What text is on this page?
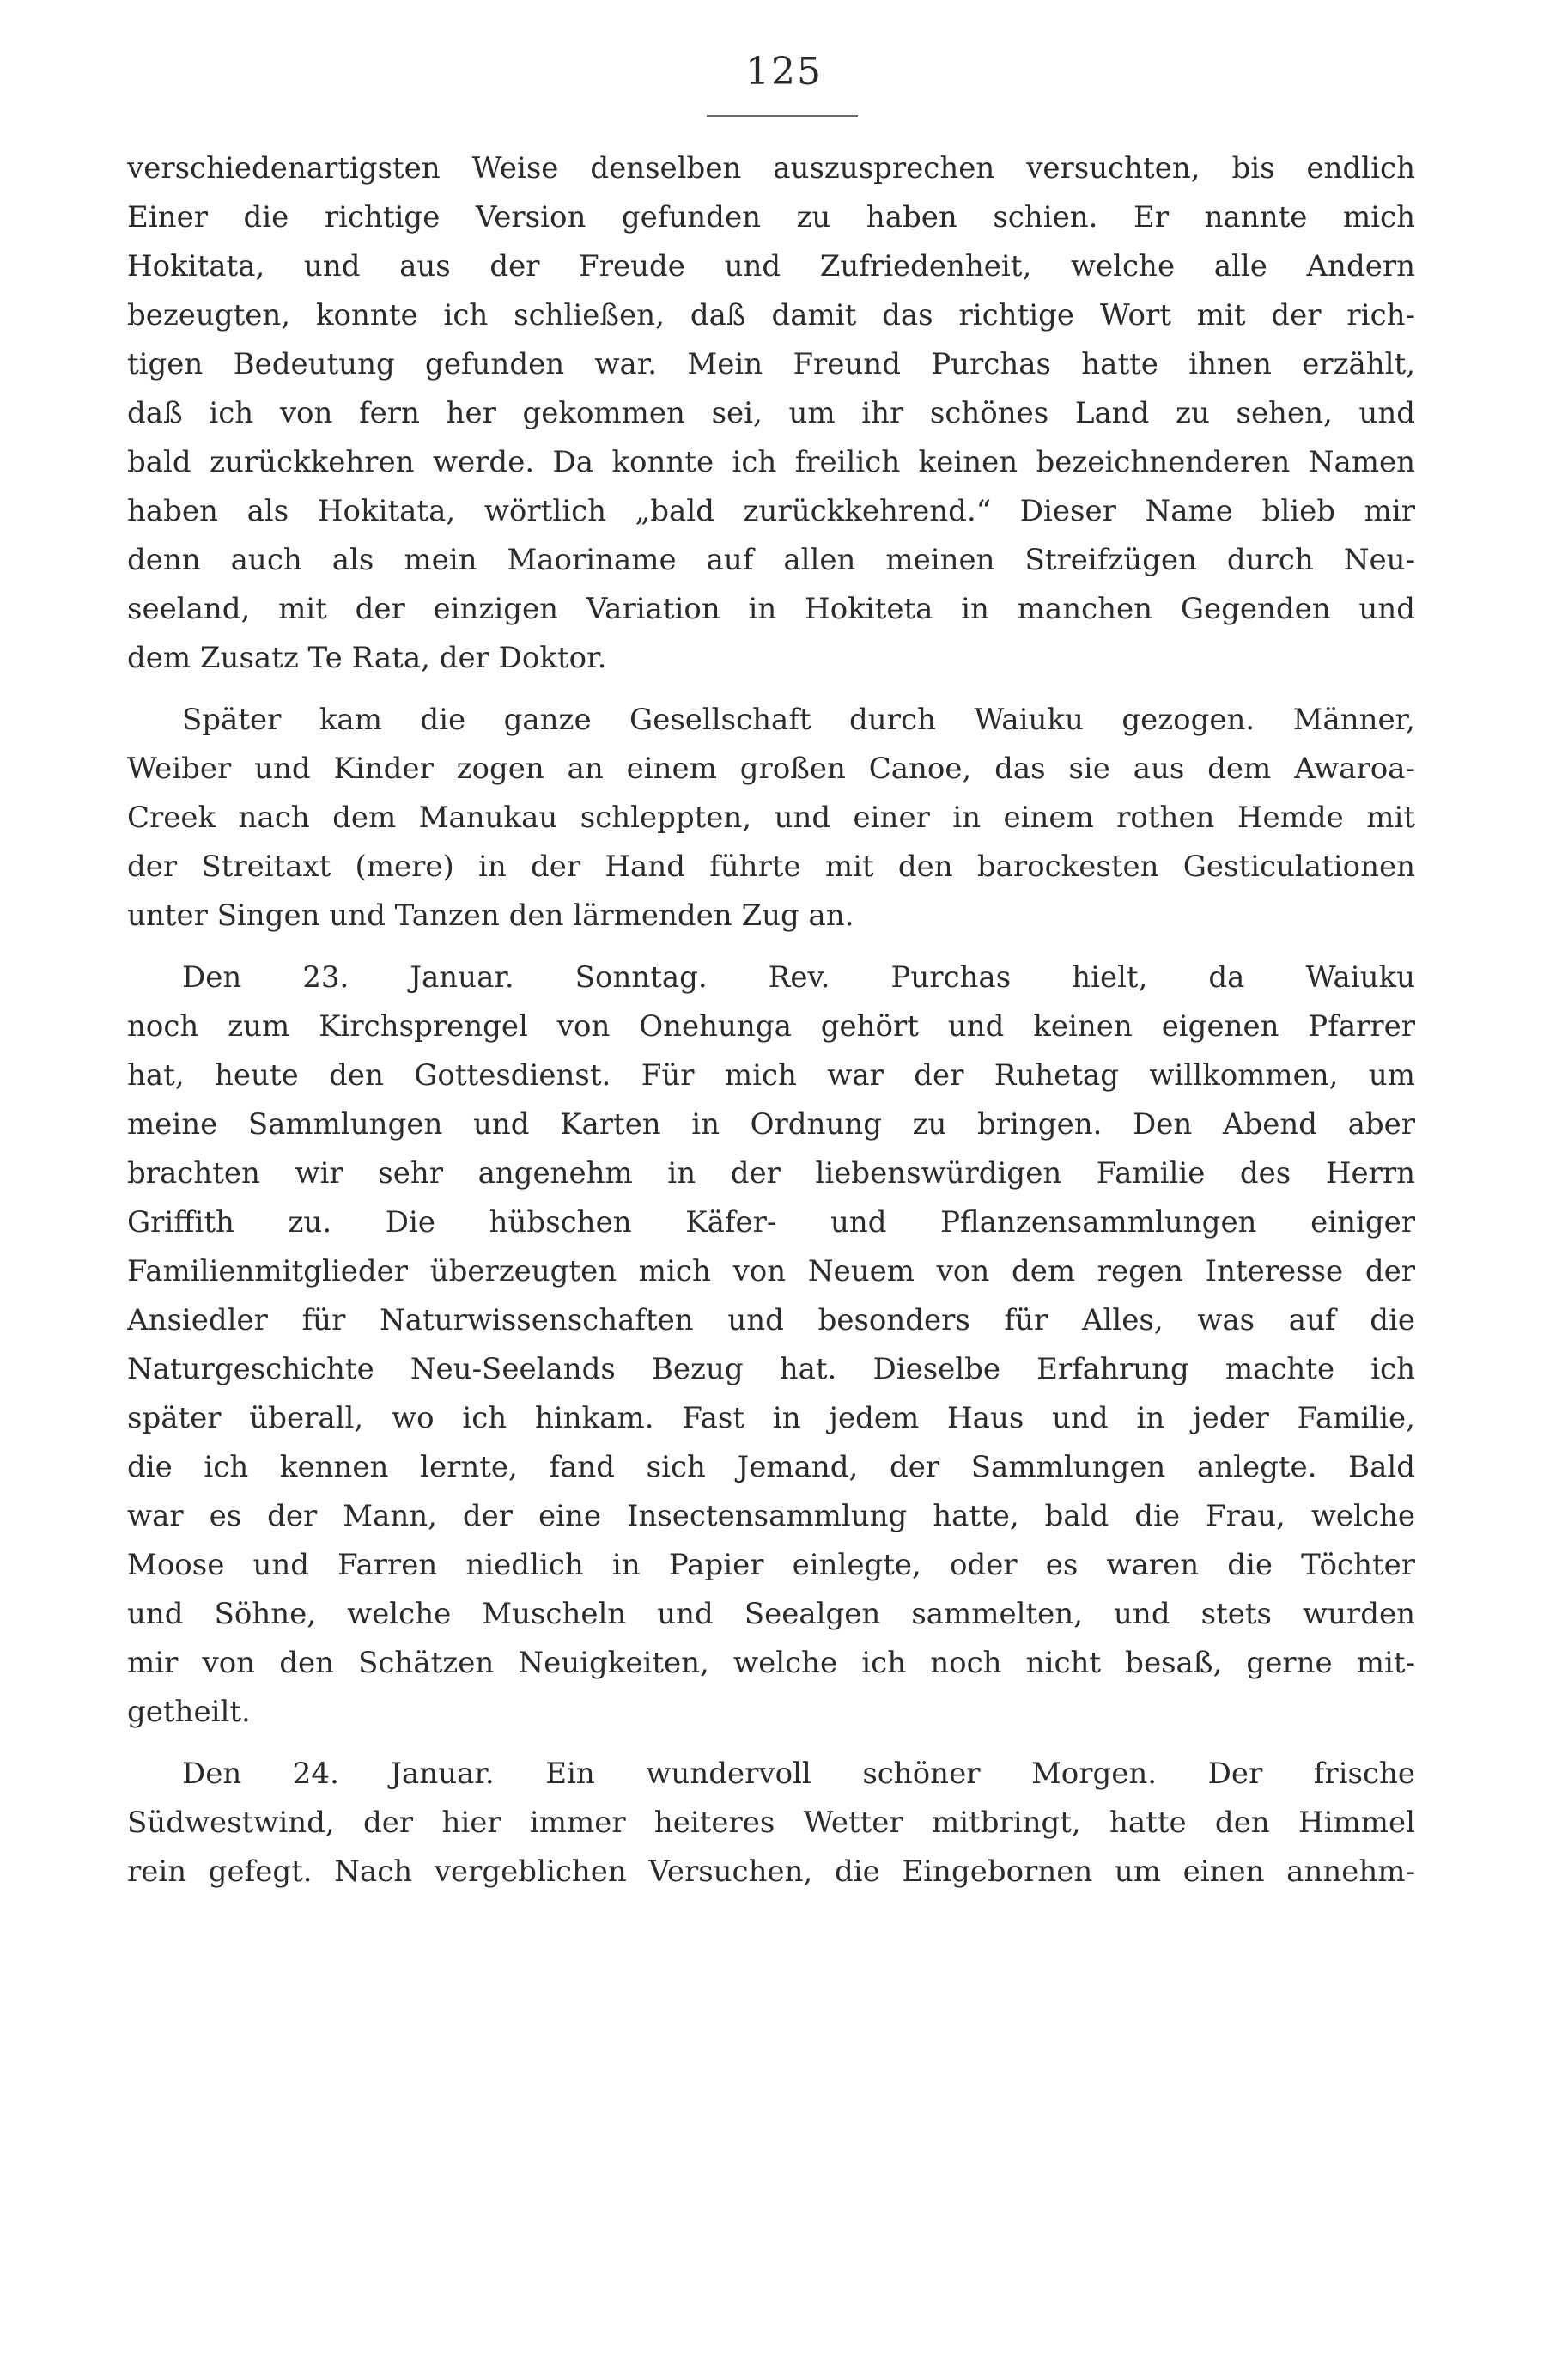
125
verschiedenartigsten Weise denselben auszusprechen versuchten, bis endlich
Einer die richtige Version gefunden zu haben schien. Er nannte mich
Hokitata, und aus der Freude und Zufriedenheit, welche alle Andern
bezeugten, konnte ich schließen, daß damit das richtige Wort mit der rich-
tigen Bedeutung gefunden war. Mein Freund Purchas hatte ihnen erzählt,
daß ich von fern her gekommen sei, um ihr schönes Land zu sehen, und
bald zurückkehren werde. Da konnte ich freilich keinen bezeichnenderen Namen
haben als Hokitata, wörtlich „bald zurückkehrend.“ Dieser Name blieb mir
denn auch als mein Maoriname auf allen meinen Streifzügen durch Neu-
seeland, mit der einzigen Variation in Hokiteta in manchen Gegenden und
dem Zusatz Te Rata, der Doktor.
Später kam die ganze Gesellschaft durch Waiuku gezogen. Männer,
Weiber und Kinder zogen an einem großen Canoe, das sie aus dem Awaroa-
Creek nach dem Manukau schleppten, und einer in einem rothen Hemde mit
der Streitaxt (mere) in der Hand führte mit den barockesten Gesticulationen
unter Singen und Tanzen den lärmenden Zug an.
Den 23. Januar. Sonntag. Rev. Purchas hielt, da Waiuku
noch zum Kirchsprengel von Onehunga gehört und keinen eigenen Pfarrer
hat, heute den Gottesdienst. Für mich war der Ruhetag willkommen, um
meine Sammlungen und Karten in Ordnung zu bringen. Den Abend aber
brachten wir sehr angenehm in der liebenswürdigen Familie des Herrn
Griffith zu. Die hübschen Käfer- und Pflanzensammlungen einiger
Familienmitglieder überzeugten mich von Neuem von dem regen Interesse der
Ansiedler für Naturwissenschaften und besonders für Alles, was auf die
Naturgeschichte Neu-Seelands Bezug hat. Dieselbe Erfahrung machte ich
später überall, wo ich hinkam. Fast in jedem Haus und in jeder Familie,
die ich kennen lernte, fand sich Jemand, der Sammlungen anlegte. Bald
war es der Mann, der eine Insectensammlung hatte, bald die Frau, welche
Moose und Farren niedlich in Papier einlegte, oder es waren die Töchter
und Söhne, welche Muscheln und Seealgen sammelten, und stets wurden
mir von den Schätzen Neuigkeiten, welche ich noch nicht besaß, gerne mit-
getheilt.
Den 24. Januar. Ein wundervoll schöner Morgen. Der frische
Südwestwind, der hier immer heiteres Wetter mitbringt, hatte den Himmel
rein gefegt. Nach vergeblichen Versuchen, die Eingebornen um einen annehm-
